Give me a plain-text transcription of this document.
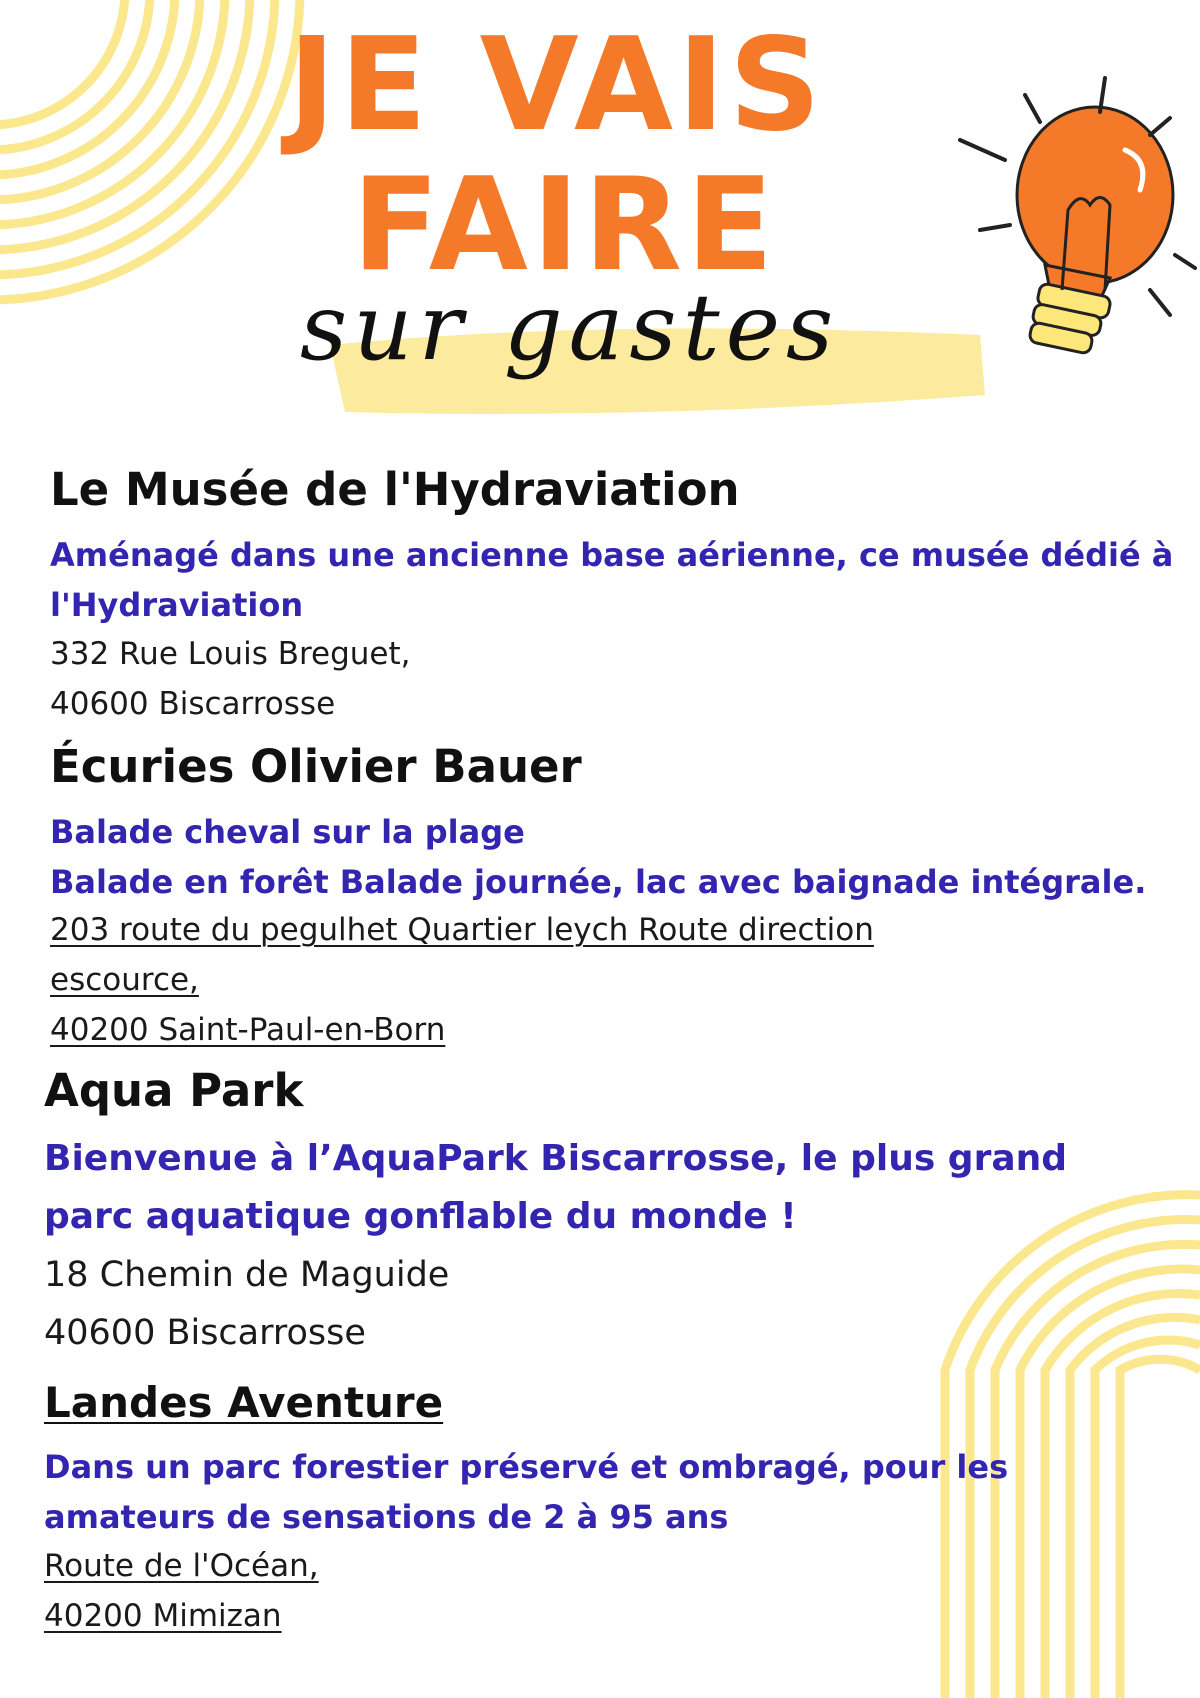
JE VAIS
FAIRE

sur gastes

Le Musée de l'Hydraviation

Aménagé dans une ancienne base aérienne, ce musée dédié à

l'Hydraviation

332 Rue Louis Breguet,

40600 Biscarrosse

Écuries Olivier Bauer

Balade cheval sur la plage

Balade en forêt Balade journée, lac avec baignade intégrale.

203 route du pegulhet Quartier leych Route direction

escource,

40200 Saint-Paul-en-Born

Aqua Park

Bienvenue à l’AquaPark Biscarrosse, le plus grand

parc aquatique gonflable du monde !

18 Chemin de Maguide

40600 Biscarrosse

Landes Aventure

Dans un parc forestier préservé et ombragé, pour les

amateurs de sensations de 2 à 95 ans

Route de l'Océan,

40200 Mimizan
